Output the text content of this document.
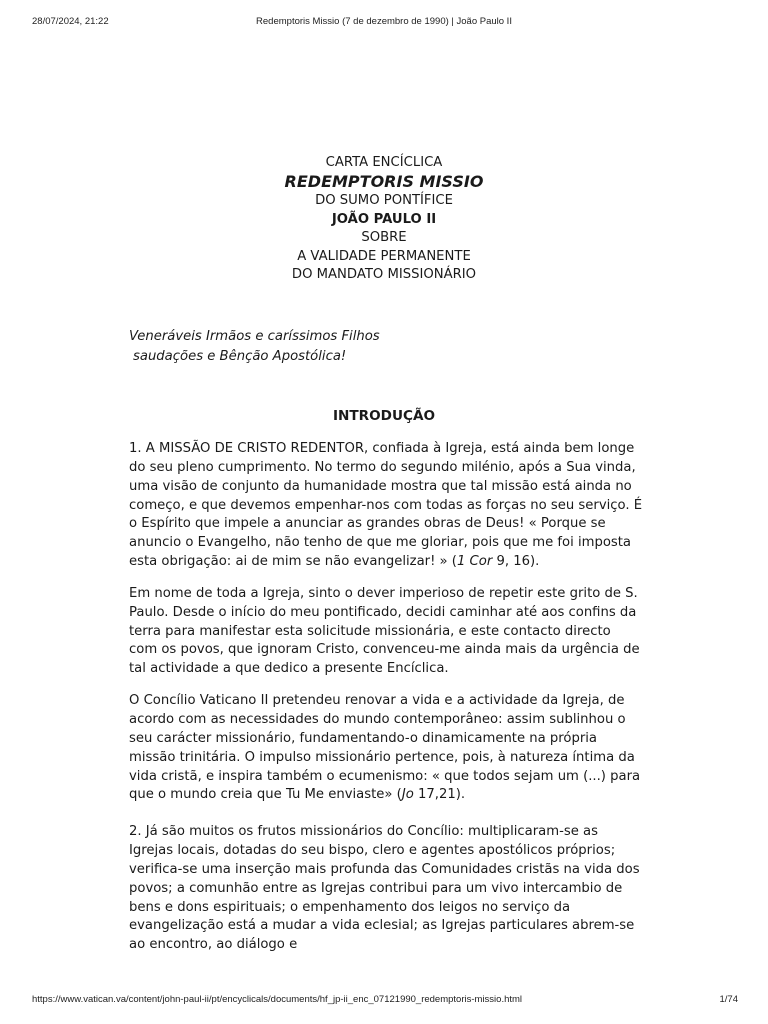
28/07/2024, 21:22	Redemptoris Missio (7 de dezembro de 1990) | João Paulo II
CARTA ENCÍCLICA
REDEMPTORIS MISSIO
DO SUMO PONTÍFICE
JOÃO PAULO II
SOBRE
A VALIDADE PERMANENTE
DO MANDATO MISSIONÁRIO
Veneráveis Irmãos e caríssimos Filhos
saudações e Bênção Apostólica!
INTRODUÇÃO

1. A MISSÃO DE CRISTO REDENTOR, confiada à Igreja, está ainda bem longe do seu pleno cumprimento. No termo do segundo milénio, após a Sua vinda, uma visão de conjunto da humanidade mostra que tal missão está ainda no começo, e que devemos empenhar-nos com todas as forças no seu serviço. É o Espírito que impele a anunciar as grandes obras de Deus! « Porque se anuncio o Evangelho, não tenho de que me gloriar, pois que me foi imposta esta obrigação: ai de mim se não evangelizar! » (1 Cor 9, 16).

Em nome de toda a Igreja, sinto o dever imperioso de repetir este grito de S. Paulo. Desde o início do meu pontificado, decidi caminhar até aos confins da terra para manifestar esta solicitude missionária, e este contacto directo com os povos, que ignoram Cristo, convenceu-me ainda mais da urgência de tal actividade a que dedico a presente Encíclica.

O Concílio Vaticano II pretendeu renovar a vida e a actividade da Igreja, de acordo com as necessidades do mundo contemporâneo: assim sublinhou o seu carácter missionário, fundamentando-o dinamicamente na própria missão trinitária. O impulso missionário pertence, pois, à natureza íntima da vida cristã, e inspira também o ecumenismo: « que todos sejam um (...) para que o mundo creia que Tu Me enviaste» (Jo 17,21).

2. Já são muitos os frutos missionários do Concílio: multiplicaram-se as Igrejas locais, dotadas do seu bispo, clero e agentes apostólicos próprios; verifica-se uma inserção mais profunda das Comunidades cristãs na vida dos povos; a comunhão entre as Igrejas contribui para um vivo intercambio de bens e dons espirituais; o empenhamento dos leigos no serviço da evangelização está a mudar a vida eclesial; as Igrejas particulares abrem-se ao encontro, ao diálogo e

https://www.vatican.va/content/john-paul-ii/pt/encyclicals/documents/hf_jp-ii_enc_07121990_redemptoris-missio.html	1/74
